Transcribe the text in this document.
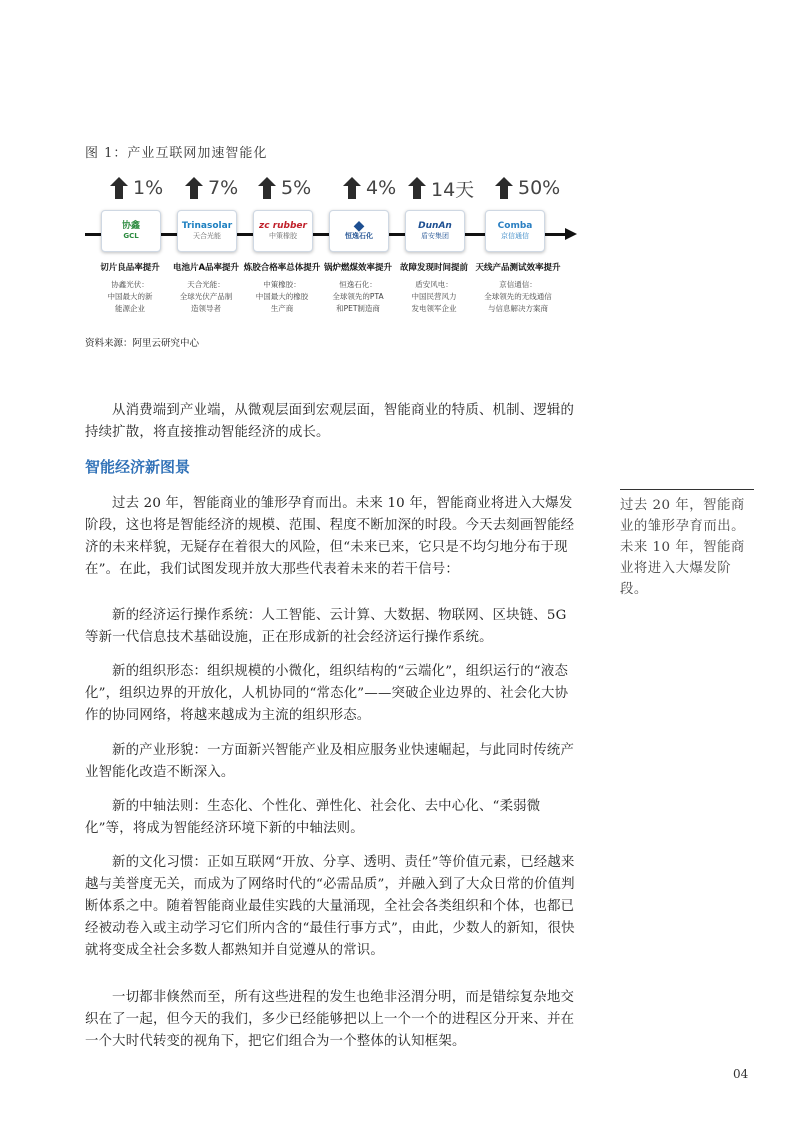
图 1：产业互联网加速智能化
1%
协鑫
GCL
切片良品率提升
协鑫光伏：
中国最大的新
能源企业
7%
Trinasolar
天合光能
电池片A品率提升
天合光能：
全球光伏产品制
造领导者
5%
zc rubber
中策橡胶
炼胶合格率总体提升
中策橡胶：
中国最大的橡胶
生产商
4%
◆
恒逸石化
锅炉燃煤效率提升
恒逸石化：
全球领先的PTA
和PET制造商
14天
DunAn
盾安集团
故障发现时间提前
盾安风电：
中国民营风力
发电领军企业
50%
Comba
京信通信
天线产品测试效率提升
京信通信：
全球领先的无线通信
与信息解决方案商
资料来源：阿里云研究中心

从消费端到产业端，从微观层面到宏观层面，智能商业的特质、机制、逻辑的持续扩散，将直接推动智能经济的成长。

智能经济新图景

过去 20 年，智能商业的雏形孕育而出。未来 10 年，智能商业将进入大爆发阶段，这也将是智能经济的规模、范围、程度不断加深的时段。今天去刻画智能经济的未来样貌，无疑存在着很大的风险，但“未来已来，它只是不均匀地分布于现在”。在此，我们试图发现并放大那些代表着未来的若干信号：

新的经济运行操作系统：人工智能、云计算、大数据、物联网、区块链、5G 等新一代信息技术基础设施，正在形成新的社会经济运行操作系统。

新的组织形态：组织规模的小微化，组织结构的“云端化”，组织运行的“液态化”，组织边界的开放化，人机协同的“常态化”——突破企业边界的、社会化大协作的协同网络，将越来越成为主流的组织形态。

新的产业形貌：一方面新兴智能产业及相应服务业快速崛起，与此同时传统产业智能化改造不断深入。

新的中轴法则：生态化、个性化、弹性化、社会化、去中心化、“柔弱微化”等，将成为智能经济环境下新的中轴法则。

新的文化习惯：正如互联网“开放、分享、透明、责任”等价值元素，已经越来越与美誉度无关，而成为了网络时代的“必需品质”，并融入到了大众日常的价值判断体系之中。随着智能商业最佳实践的大量涌现，全社会各类组织和个体，也都已经被动卷入或主动学习它们所内含的“最佳行事方式”，由此，少数人的新知，很快就将变成全社会多数人都熟知并自觉遵从的常识。

一切都非倏然而至，所有这些进程的发生也绝非泾渭分明，而是错综复杂地交织在了一起，但今天的我们，多少已经能够把以上一个一个的进程区分开来、并在一个大时代转变的视角下，把它们组合为一个整体的认知框架。

过去 20 年，智能商业的雏形孕育而出。未来 10 年，智能商业将进入大爆发阶段。
04
